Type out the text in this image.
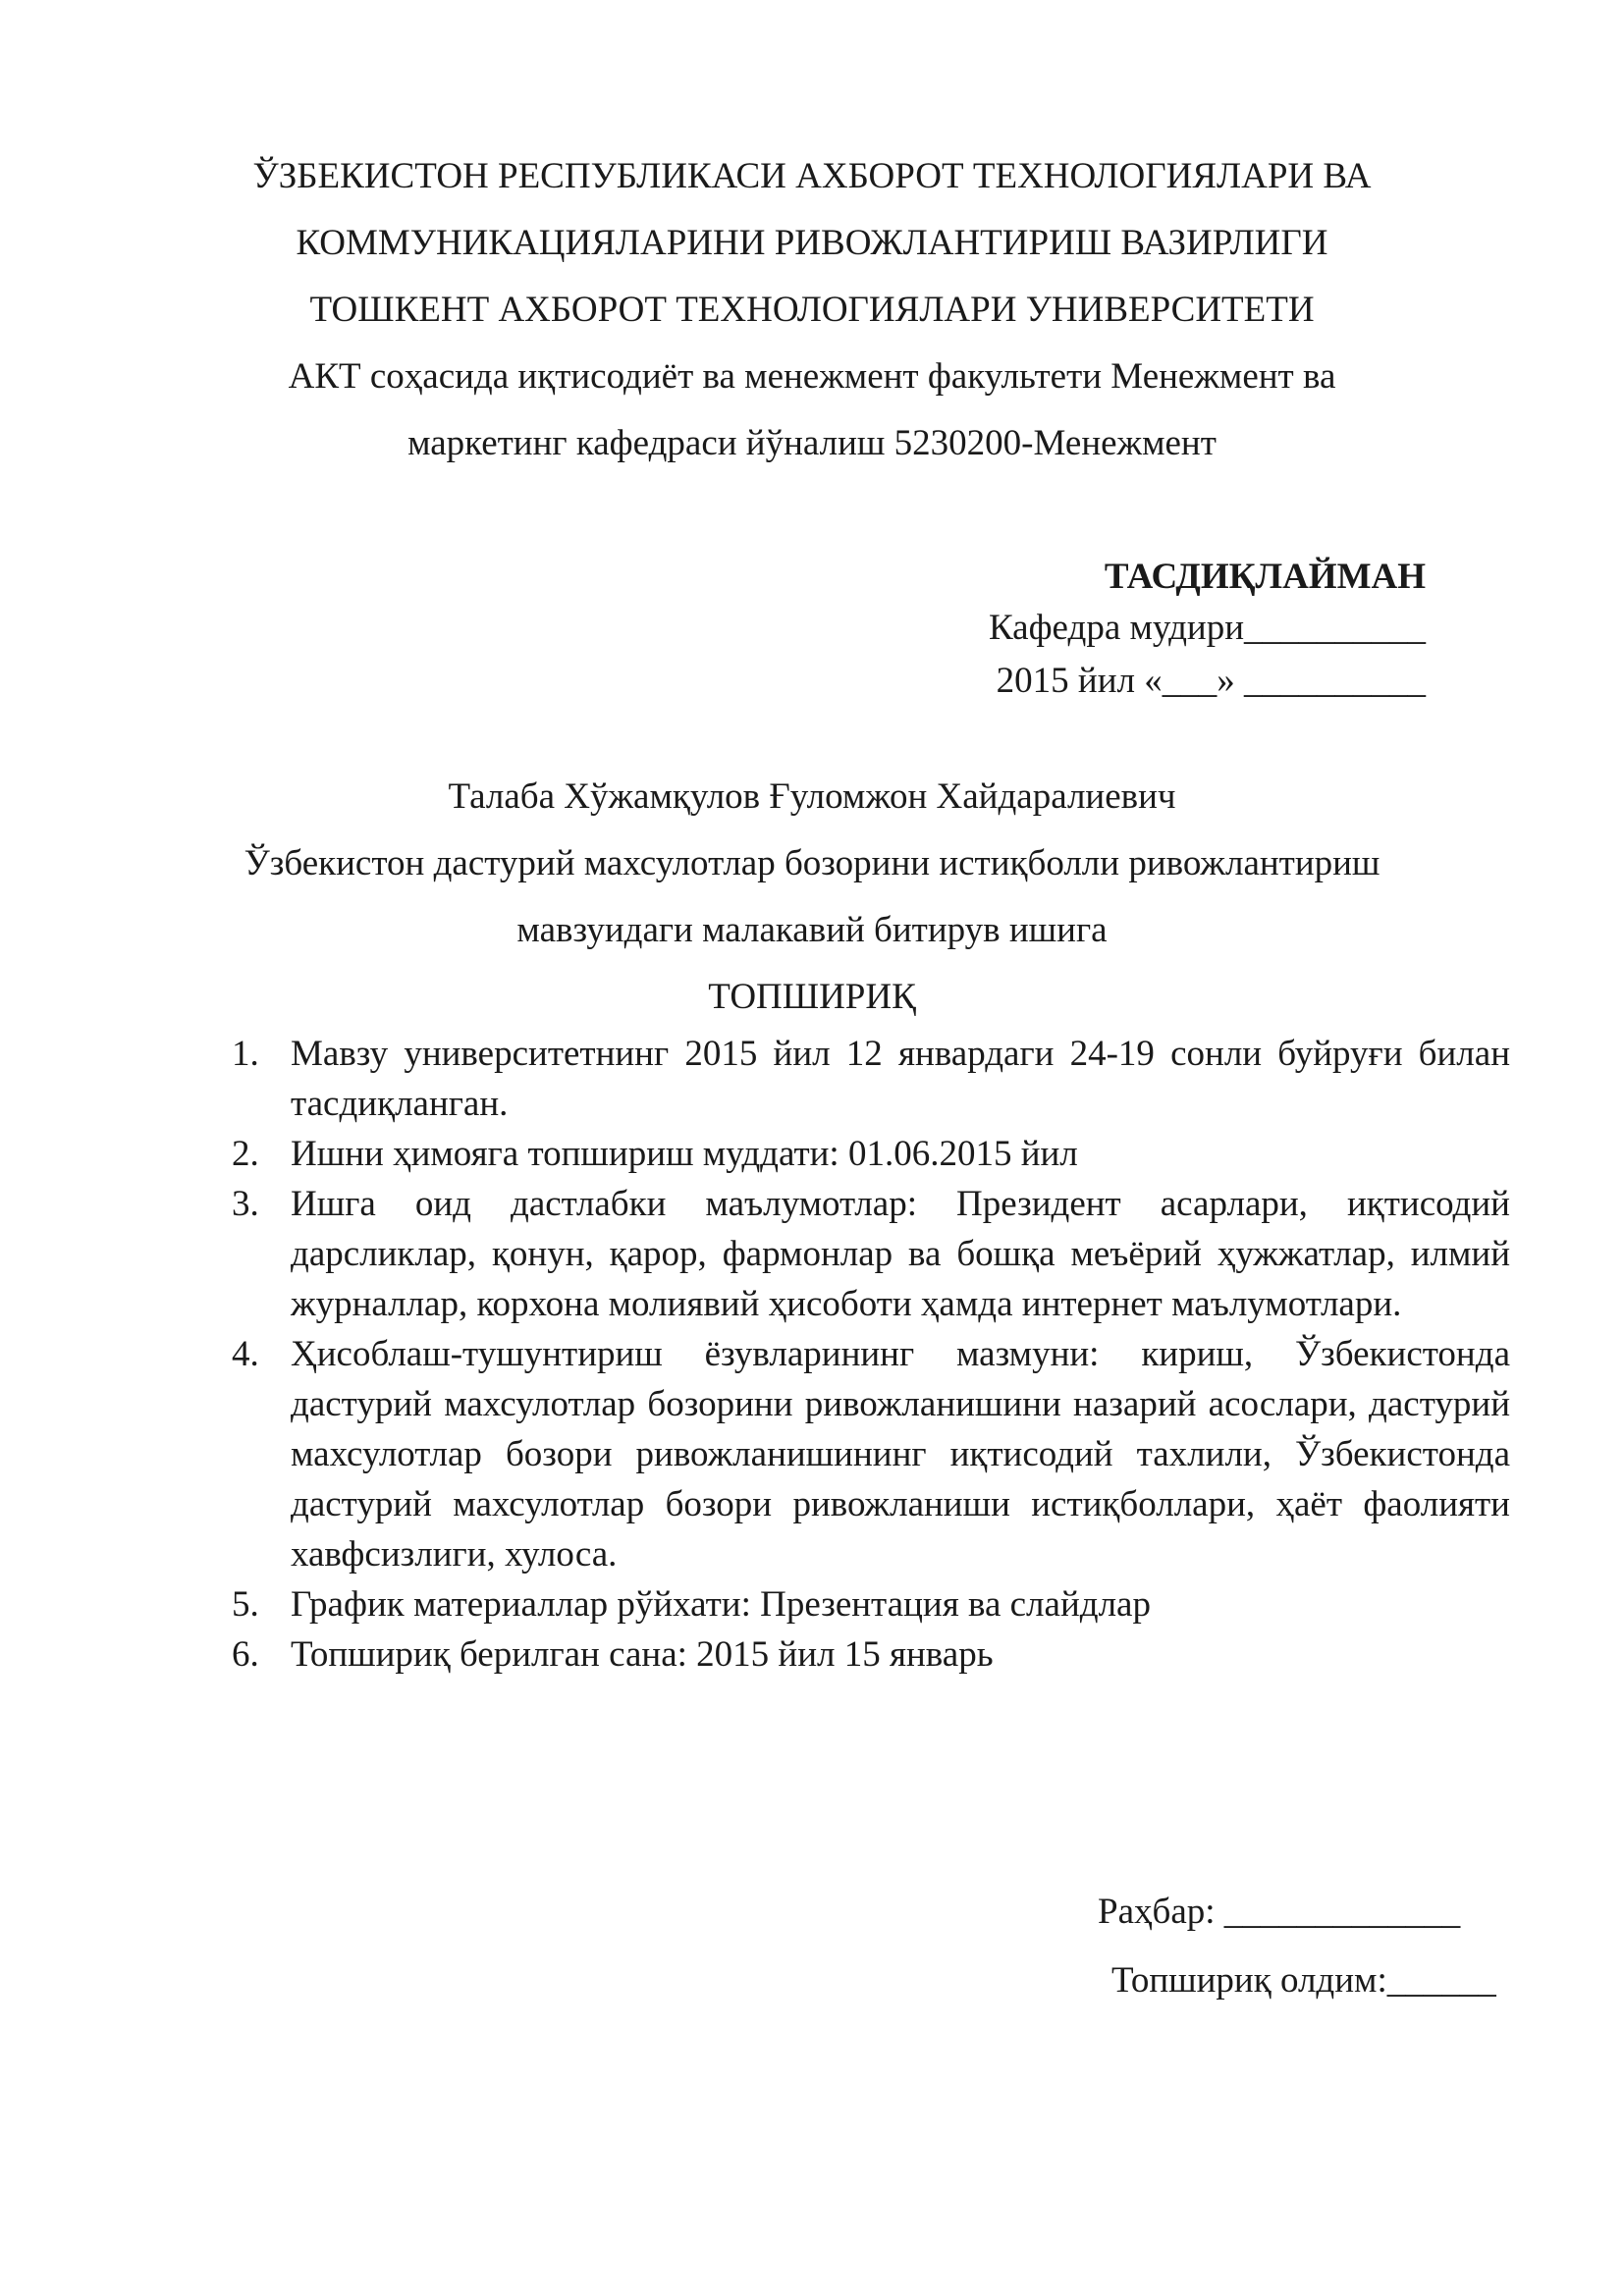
ЎЗБЕКИСТОН РЕСПУБЛИКАСИ АХБОРОТ ТЕХНОЛОГИЯЛАРИ ВА
КОММУНИКАЦИЯЛАРИНИ РИВОЖЛАНТИРИШ ВАЗИРЛИГИ
ТОШКЕНТ АХБОРОТ ТЕХНОЛОГИЯЛАРИ УНИВЕРСИТЕТИ
АКТ соҳасида иқтисодиёт ва менежмент факультети Менежмент ва
маркетинг кафедраси йўналиш 5230200-Менежмент
ТАСДИҚЛАЙМАН
Кафедра мудири__________
2015 йил «___» __________
Талаба Хўжамқулов Ғуломжон Хайдаралиевич
Ўзбекистон дастурий махсулотлар бозорини истиқболли ривожлантириш
мавзуидаги малакавий битирув ишига
ТОПШИРИҚ
1. Мавзу университетнинг 2015 йил 12 январдаги 24-19 сонли буйруғи билан тасдиқланган.
2. Ишни ҳимояга топшириш муддати: 01.06.2015 йил
3. Ишга оид дастлабки маълумотлар: Президент асарлари, иқтисодий дарсликлар, қонун, қарор, фармонлар ва бошқа меъёрий ҳужжатлар, илмий журналлар, корхона молиявий ҳисоботи ҳамда интернет маълумотлари.
4. Ҳисоблаш-тушунтириш ёзувларининг мазмуни: кириш, Ўзбекистонда дастурий махсулотлар бозорини ривожланишини назарий асослари, дастурий махсулотлар бозори ривожланишининг иқтисодий тахлили, Ўзбекистонда дастурий махсулотлар бозори ривожланиши истиқболлари, ҳаёт фаолияти хавфсизлиги, хулоса.
5. График материаллар рўйхати: Презентация ва слайдлар
6. Топшириқ берилган сана: 2015 йил 15 январь
Раҳбар: _____________
Топшириқ олдим:______
